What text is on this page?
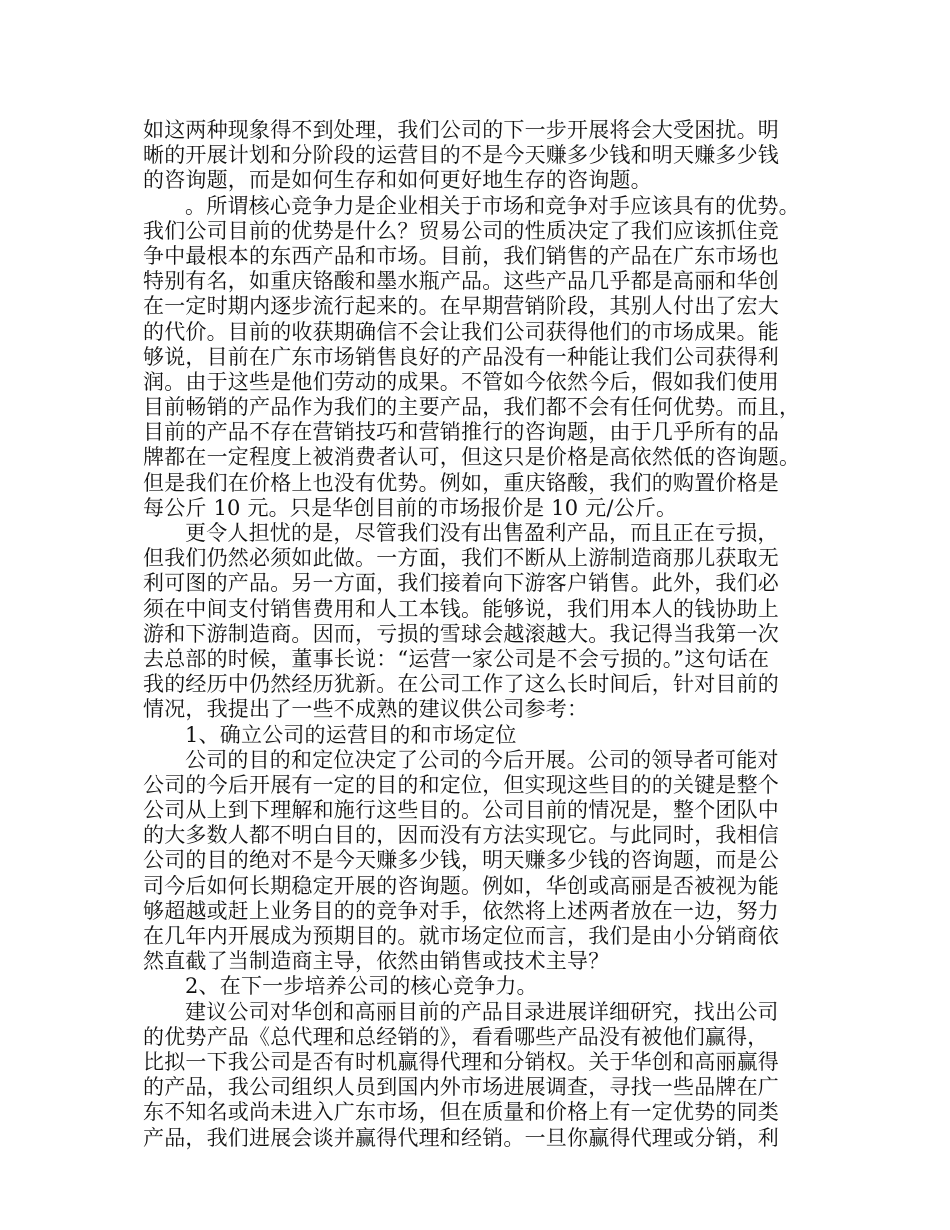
如这两种现象得不到处理，我们公司的下一步开展将会大受困扰。明
晰的开展计划和分阶段的运营目的不是今天赚多少钱和明天赚多少钱
的咨询题，而是如何生存和如何更好地生存的咨询题。
。所谓核心竞争力是企业相关于市场和竞争对手应该具有的优势。
我们公司目前的优势是什么？贸易公司的性质决定了我们应该抓住竞
争中最根本的东西产品和市场。目前，我们销售的产品在广东市场也
特别有名，如重庆铬酸和墨水瓶产品。这些产品几乎都是高丽和华创
在一定时期内逐步流行起来的。在早期营销阶段，其别人付出了宏大
的代价。目前的收获期确信不会让我们公司获得他们的市场成果。能
够说，目前在广东市场销售良好的产品没有一种能让我们公司获得利
润。由于这些是他们劳动的成果。不管如今依然今后，假如我们使用
目前畅销的产品作为我们的主要产品，我们都不会有任何优势。而且，
目前的产品不存在营销技巧和营销推行的咨询题，由于几乎所有的品
牌都在一定程度上被消费者认可，但这只是价格是高依然低的咨询题。
但是我们在价格上也没有优势。例如，重庆铬酸，我们的购置价格是
每公斤 10 元。只是华创目前的市场报价是 10 元/公斤。
更令人担忧的是，尽管我们没有出售盈利产品，而且正在亏损，
但我们仍然必须如此做。一方面，我们不断从上游制造商那儿获取无
利可图的产品。另一方面，我们接着向下游客户销售。此外，我们必
须在中间支付销售费用和人工本钱。能够说，我们用本人的钱协助上
游和下游制造商。因而，亏损的雪球会越滚越大。我记得当我第一次
去总部的时候，董事长说：“运营一家公司是不会亏损的。”这句话在
我的经历中仍然经历犹新。在公司工作了这么长时间后，针对目前的
情况，我提出了一些不成熟的建议供公司参考：
1、确立公司的运营目的和市场定位
公司的目的和定位决定了公司的今后开展。公司的领导者可能对
公司的今后开展有一定的目的和定位，但实现这些目的的关键是整个
公司从上到下理解和施行这些目的。公司目前的情况是，整个团队中
的大多数人都不明白目的，因而没有方法实现它。与此同时，我相信
公司的目的绝对不是今天赚多少钱，明天赚多少钱的咨询题，而是公
司今后如何长期稳定开展的咨询题。例如，华创或高丽是否被视为能
够超越或赶上业务目的的竞争对手，依然将上述两者放在一边，努力
在几年内开展成为预期目的。就市场定位而言，我们是由小分销商依
然直截了当制造商主导，依然由销售或技术主导？
2、在下一步培养公司的核心竞争力。
建议公司对华创和高丽目前的产品目录进展详细研究，找出公司
的优势产品《总代理和总经销的》，看看哪些产品没有被他们赢得，
比拟一下我公司是否有时机赢得代理和分销权。关于华创和高丽赢得
的产品，我公司组织人员到国内外市场进展调查，寻找一些品牌在广
东不知名或尚未进入广东市场，但在质量和价格上有一定优势的同类
产品，我们进展会谈并赢得代理和经销。一旦你赢得代理或分销，利
